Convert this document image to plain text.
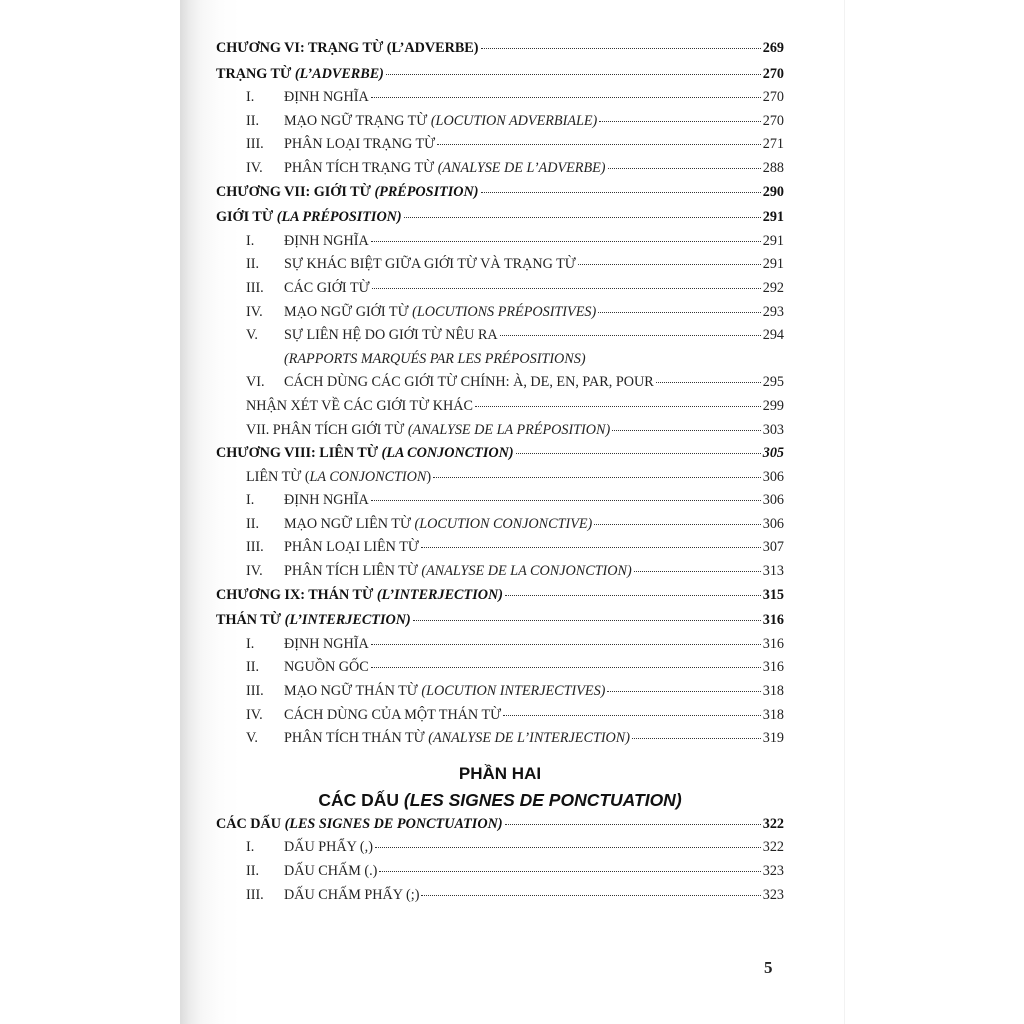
CHƯƠNG VI: TRẠNG TỪ (L’ADVERBE)	269
TRẠNG TỪ (L’ADVERBE)	270
I.	ĐỊNH NGHĨA	270
II.	MẠO NGỮ TRẠNG TỪ (LOCUTION ADVERBIALE)	270
III.	PHÂN LOẠI TRẠNG TỪ	271
IV.	PHÂN TÍCH TRẠNG TỪ (ANALYSE DE L’ADVERBE)	288
CHƯƠNG VII: GIỚI TỪ (PRÉPOSITION)	290
GIỚI TỪ (LA PRÉPOSITION)	291
I.	ĐỊNH NGHĨA	291
II.	SỰ KHÁC BIỆT GIỮA GIỚI TỪ VÀ TRẠNG TỪ	291
III.	CÁC GIỚI TỪ	292
IV.	MẠO NGỮ GIỚI TỪ (LOCUTIONS PRÉPOSITIVES)	293
V.	SỰ LIÊN HỆ DO GIỚI TỪ NÊU RA	294
(RAPPORTS MARQUÉS PAR LES PRÉPOSITIONS)
VI.	CÁCH DÙNG CÁC GIỚI TỪ CHÍNH: À, DE, EN, PAR, POUR	295
NHẬN XÉT VỀ CÁC GIỚI TỪ KHÁC	299
VII. PHÂN TÍCH GIỚI TỪ (ANALYSE DE LA PRÉPOSITION)	303
CHƯƠNG VIII: LIÊN TỪ (LA CONJONCTION)	305
LIÊN TỪ (LA CONJONCTION)	306
I.	ĐỊNH NGHĨA	306
II.	MẠO NGỮ LIÊN TỪ (LOCUTION CONJONCTIVE)	306
III.	PHÂN LOẠI LIÊN TỪ	307
IV.	PHÂN TÍCH LIÊN TỪ (ANALYSE DE LA CONJONCTION)	313
CHƯƠNG IX: THÁN TỪ (L’INTERJECTION)	315
THÁN TỪ (L’INTERJECTION)	316
I.	ĐỊNH NGHĨA	316
II.	NGUỒN GỐC	316
III.	MẠO NGỮ THÁN TỪ (LOCUTION INTERJECTIVES)	318
IV.	CÁCH DÙNG CỦA MỘT THÁN TỪ	318
V.	PHÂN TÍCH THÁN TỪ (ANALYSE DE L’INTERJECTION)	319
PHẦN HAI
CÁC DẤU (LES SIGNES DE PONCTUATION)
CÁC DẤU (LES SIGNES DE PONCTUATION)	322
I.	DẤU PHẨY (,)	322
II.	DẤU CHẤM (.)	323
III.	DẤU CHẤM PHẨY (;)	323
5
